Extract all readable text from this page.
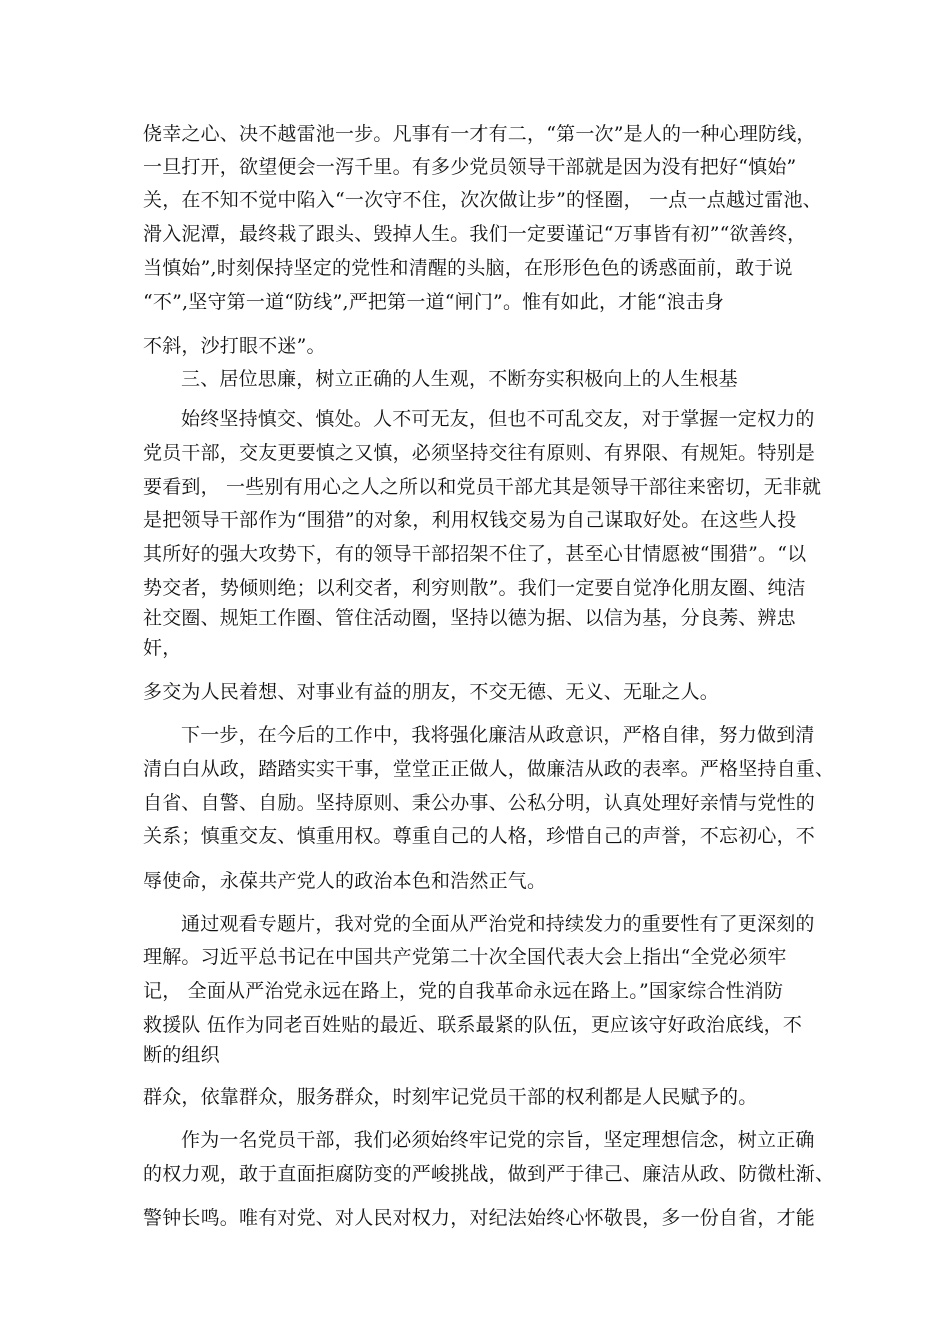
侥幸之心、决不越雷池一步。凡事有一才有二，“第一次”是人的一种心理防线，
一旦打开，欲望便会一泻千里。有多少党员领导干部就是因为没有把好“慎始”
关，在不知不觉中陷入“一次守不住，次次做让步”的怪圈， 一点一点越过雷池、
滑入泥潭，最终栽了跟头、毁掉人生。我们一定要谨记“万事皆有初”“欲善终，
当慎始”,时刻保持坚定的党性和清醒的头脑，在形形色色的诱惑面前，敢于说
“不”,坚守第一道“防线”,严把第一道“闸门”。惟有如此，才能“浪击身
不斜，沙打眼不迷”。
三、居位思廉，树立正确的人生观，不断夯实积极向上的人生根基
始终坚持慎交、慎处。人不可无友，但也不可乱交友，对于掌握一定权力的
党员干部，交友更要慎之又慎，必须坚持交往有原则、有界限、有规矩。特别是
要看到， 一些别有用心之人之所以和党员干部尤其是领导干部往来密切，无非就
是把领导干部作为“围猎”的对象，利用权钱交易为自己谋取好处。在这些人投
其所好的强大攻势下，有的领导干部招架不住了，甚至心甘情愿被“围猎”。“以
势交者，势倾则绝；以利交者，利穷则散”。我们一定要自觉净化朋友圈、纯洁
社交圈、规矩工作圈、管住活动圈，坚持以德为据、以信为基，分良莠、辨忠
奸，
多交为人民着想、对事业有益的朋友，不交无德、无义、无耻之人。
下一步，在今后的工作中，我将强化廉洁从政意识，严格自律，努力做到清
清白白从政，踏踏实实干事，堂堂正正做人，做廉洁从政的表率。严格坚持自重、
自省、自警、自励。坚持原则、秉公办事、公私分明，认真处理好亲情与党性的
关系；慎重交友、慎重用权。尊重自己的人格，珍惜自己的声誉，不忘初心，不
辱使命，永葆共产党人的政治本色和浩然正气。
通过观看专题片，我对党的全面从严治党和持续发力的重要性有了更深刻的
理解。习近平总书记在中国共产党第二十次全国代表大会上指出“全党必须牢
记， 全面从严治党永远在路上，党的自我革命永远在路上。”国家综合性消防
救援队 伍作为同老百姓贴的最近、联系最紧的队伍，更应该守好政治底线，不
断的组织
群众，依靠群众，服务群众，时刻牢记党员干部的权利都是人民赋予的。
作为一名党员干部，我们必须始终牢记党的宗旨，坚定理想信念，树立正确
的权力观，敢于直面拒腐防变的严峻挑战，做到严于律己、廉洁从政、防微杜渐、
警钟长鸣。唯有对党、对人民对权力，对纪法始终心怀敬畏，多一份自省，才能
